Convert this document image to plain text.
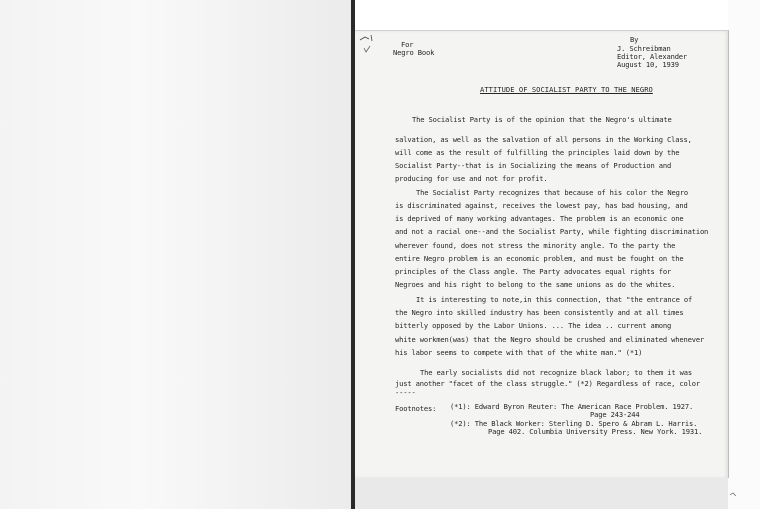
For
Negro Book
By
J. Schreibman
Editor, Alexander
August 10, 1939
ATTITUDE OF SOCIALIST PARTY TO THE NEGRO
The Socialist Party is of the opinion that the Negro's ultimate
salvation, as well as the salvation of all persons in the Working Class,
will come as the result of fulfilling the principles laid down by the
Socialist Party--that is in Socializing the means of Production and
producing for use and not for profit.
The Socialist Party recognizes that because of his color the Negro
is discriminated against, receives the lowest pay, has bad housing, and
is deprived of many working advantages. The problem is an economic one
and not a racial one--and the Socialist Party, while fighting discrimination
wherever found, does not stress the minority angle. To the party the
entire Negro problem is an economic problem, and must be fought on the
principles of the Class angle. The Party advocates equal rights for
Negroes and his right to belong to the same unions as do the whites.
It is interesting to note,in this connection, that "the entrance of
the Negro into skilled industry has been consistently and at all times
bitterly opposed by the Labor Unions. ... The idea .. current among
white workmen(was) that the Negro should be crushed and eliminated whenever
his labor seems to compete with that of the white man." (*1)
The early socialists did not recognize black labor; to them it was
just another "facet of the class struggle." (*2) Regardless of race, color
-----
Footnotes: (*1): Edward Byron Reuter: The American Race Problem. 1927.
Page 243-244
(*2): The Black Worker: Sterling D. Spero & Abram L. Harris.
Page 402. Columbia University Press. New York. 1931.
